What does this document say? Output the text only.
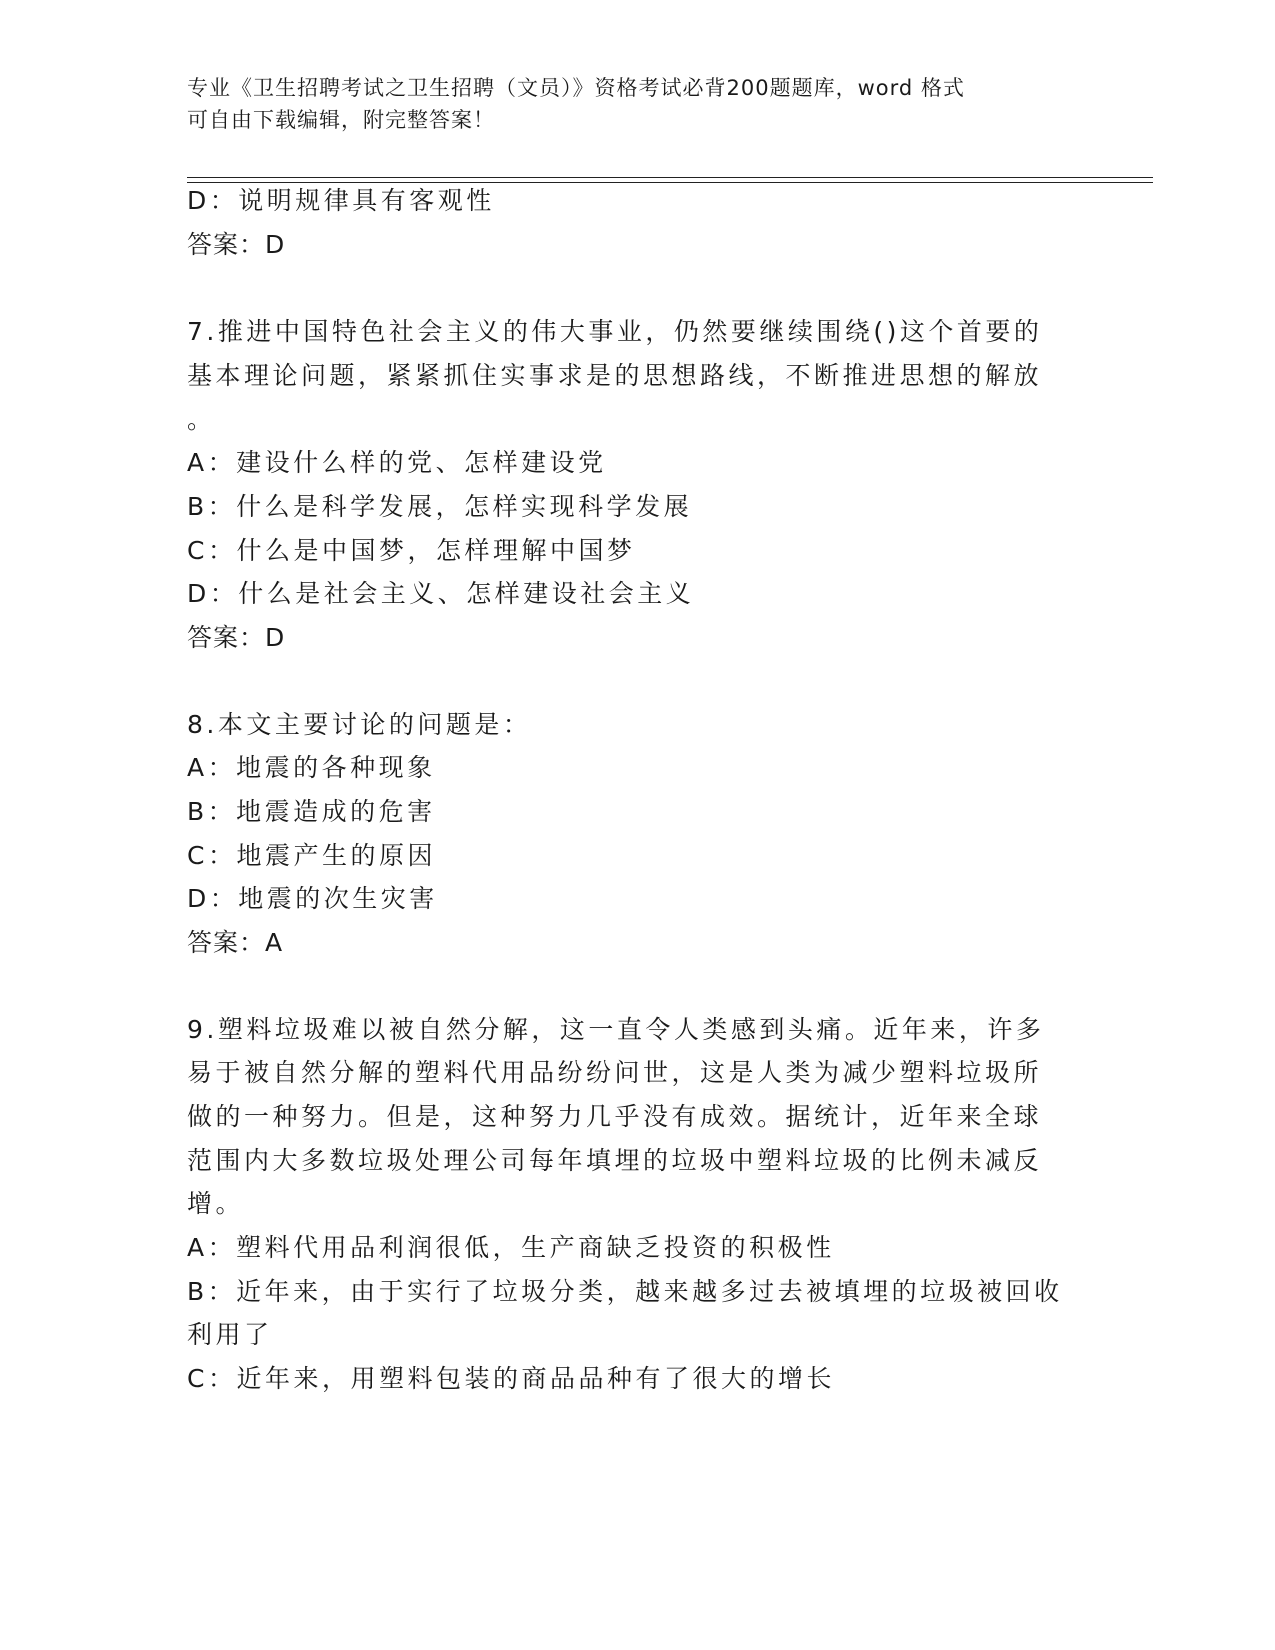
专业《卫生招聘考试之卫生招聘（文员）》资格考试必背200题题库，word 格式
可自由下载编辑，附完整答案！
D：说明规律具有客观性
答案：D
7.推进中国特色社会主义的伟大事业，仍然要继续围绕()这个首要的
基本理论问题，紧紧抓住实事求是的思想路线，不断推进思想的解放
。
A：建设什么样的党、怎样建设党
B：什么是科学发展，怎样实现科学发展
C：什么是中国梦，怎样理解中国梦
D：什么是社会主义、怎样建设社会主义
答案：D
8.本文主要讨论的问题是：
A：地震的各种现象
B：地震造成的危害
C：地震产生的原因
D：地震的次生灾害
答案：A
9.塑料垃圾难以被自然分解，这一直令人类感到头痛。近年来，许多
易于被自然分解的塑料代用品纷纷问世，这是人类为减少塑料垃圾所
做的一种努力。但是，这种努力几乎没有成效。据统计，近年来全球
范围内大多数垃圾处理公司每年填埋的垃圾中塑料垃圾的比例未减反
增。
A：塑料代用品利润很低，生产商缺乏投资的积极性
B：近年来，由于实行了垃圾分类，越来越多过去被填埋的垃圾被回收
利用了
C：近年来，用塑料包装的商品品种有了很大的增长
